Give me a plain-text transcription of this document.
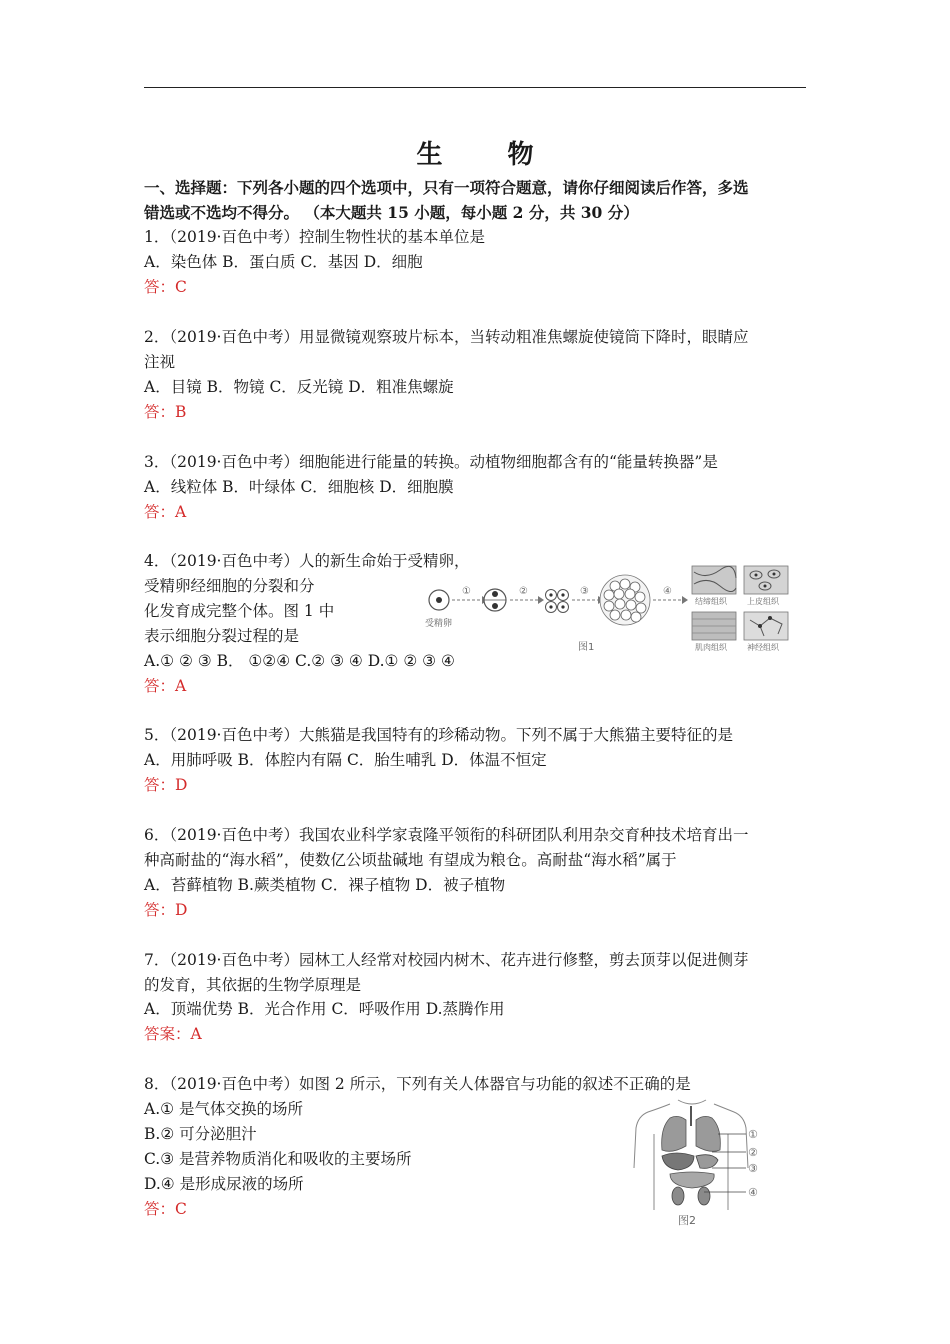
生 物
一、选择题：下列各小题的四个选项中，只有一项符合题意，请你仔细阅读后作答，多选
错选或不选均不得分。 （本大题共 15 小题，每小题 2 分，共 30 分）
1．（2019·百色中考）控制生物性状的基本单位是
A．染色体 B．蛋白质 C．基因 D．细胞
答：C
2．（2019·百色中考）用显微镜观察玻片标本，当转动粗准焦螺旋使镜筒下降时，眼睛应
注视
A．目镜 B．物镜 C．反光镜 D．粗准焦螺旋
答：B
3．（2019·百色中考）细胞能进行能量的转换。动植物细胞都含有的“能量转换器”是
A．线粒体 B．叶绿体 C．细胞核 D．细胞膜
答：A
4．（2019·百色中考）人的新生命始于受精卵，
受精卵经细胞的分裂和分
化发育成完整个体。图 1 中
表示细胞分裂过程的是
A.① ② ③ B． ①②④ C.② ③ ④ D.① ② ③ ④
答：A
受精卵
①	②	③	④
结缔组织	上皮组织
肌肉组织	神经组织
图1
5．（2019·百色中考）大熊猫是我国特有的珍稀动物。下列不属于大熊猫主要特征的是
A．用肺呼吸 B．体腔内有隔 C．胎生哺乳 D．体温不恒定
答：D
6．（2019·百色中考）我国农业科学家袁隆平领衔的科研团队利用杂交育种技术培育出一
种高耐盐的“海水稻”，使数亿公顷盐碱地 有望成为粮仓。高耐盐“海水稻”属于
A．苔藓植物 B.蕨类植物 C．裸子植物 D．被子植物
答：D
7．（2019·百色中考）园林工人经常对校园内树木、花卉进行修整，剪去顶芽以促进侧芽
的发育，其依据的生物学原理是
A．顶端优势 B．光合作用 C．呼吸作用 D.蒸腾作用
答案：A
8．（2019·百色中考）如图 2 所示，下列有关人体器官与功能的叙述不正确的是
A.① 是气体交换的场所
B.② 可分泌胆汁
C.③ 是营养物质消化和吸收的主要场所
D.④ 是形成尿液的场所
答：C
①
②
③
④
图2
